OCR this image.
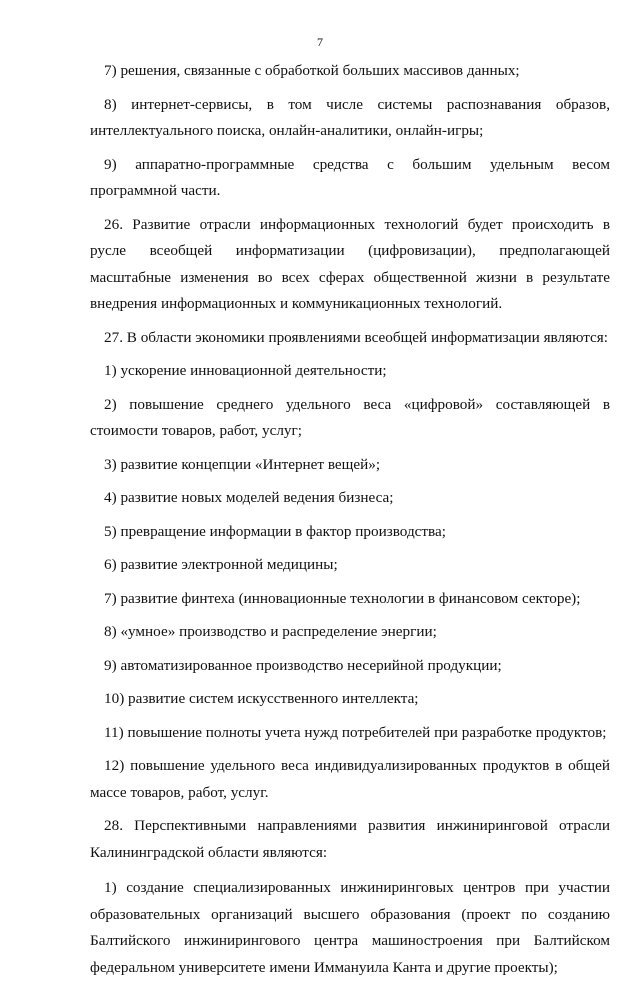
7

7) решения, связанные с обработкой больших массивов данных;

8) интернет-сервисы, в том числе системы распознавания образов, интеллектуального поиска, онлайн-аналитики, онлайн-игры;

9) аппаратно-программные средства с большим удельным весом программной части.

26. Развитие отрасли информационных технологий будет происходить в русле всеобщей информатизации (цифровизации), предполагающей масштабные изменения во всех сферах общественной жизни в результате внедрения информационных и коммуникационных технологий.

27. В области экономики проявлениями всеобщей информатизации являются:

1) ускорение инновационной деятельности;

2) повышение среднего удельного веса «цифровой» составляющей в стоимости товаров, работ, услуг;

3) развитие концепции «Интернет вещей»;

4) развитие новых моделей ведения бизнеса;

5) превращение информации в фактор производства;

6) развитие электронной медицины;

7) развитие финтеха (инновационные технологии в финансовом секторе);

8) «умное» производство и распределение энергии;

9) автоматизированное производство несерийной продукции;

10) развитие систем искусственного интеллекта;

11) повышение полноты учета нужд потребителей при разработке продуктов;

12) повышение удельного веса индивидуализированных продуктов в общей массе товаров, работ, услуг.

28. Перспективными направлениями развития инжиниринговой отрасли Калининградской области являются:

1) создание специализированных инжиниринговых центров при участии образовательных организаций высшего образования (проект по созданию Балтийского инжинирингового центра машиностроения при Балтийском федеральном университете имени Иммануила Канта и другие проекты);
